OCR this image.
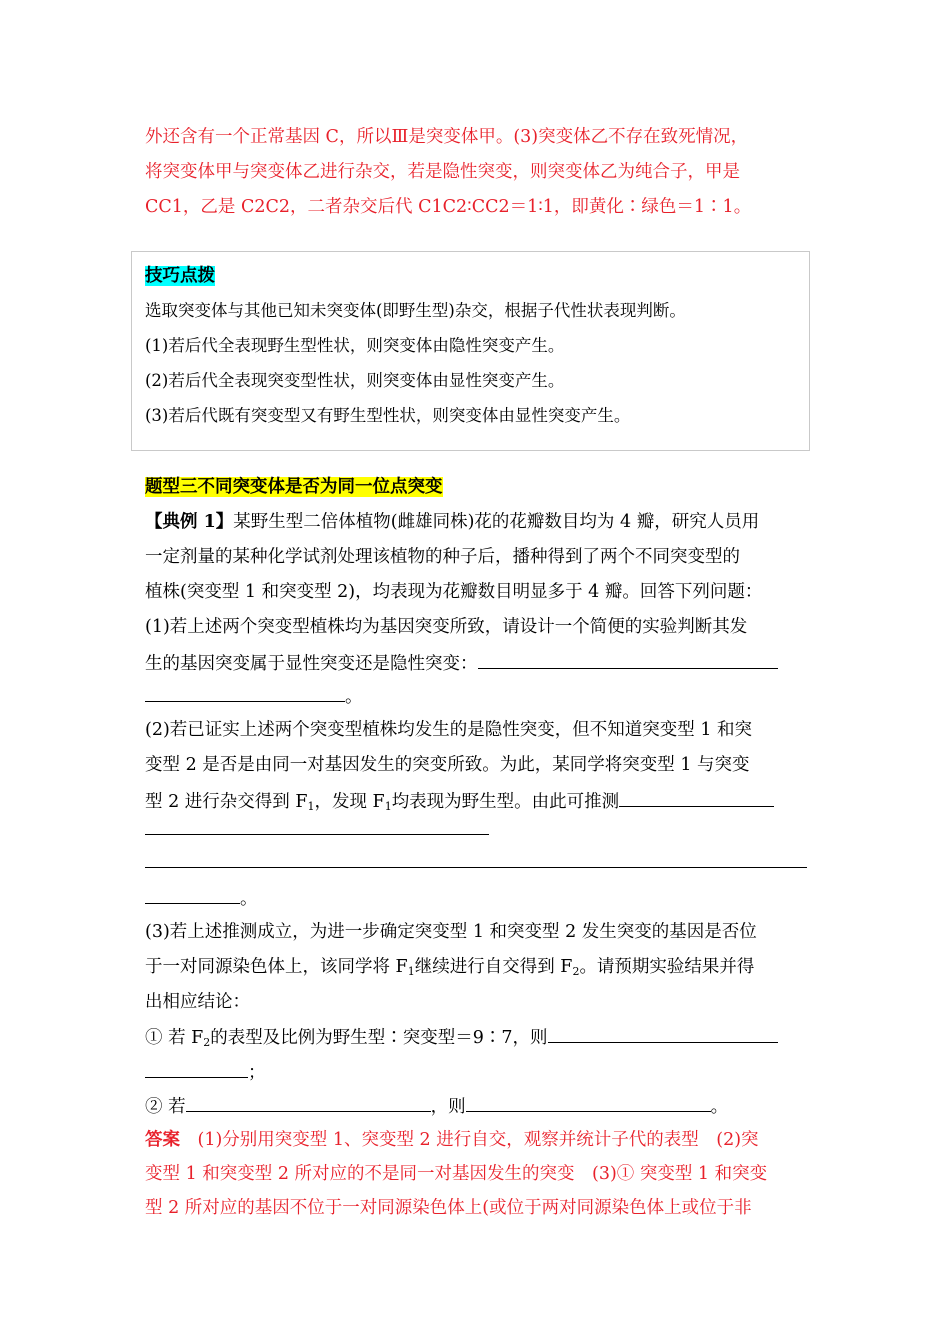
外还含有一个正常基因 C，所以Ⅲ是突变体甲。(3)突变体乙不存在致死情况，
将突变体甲与突变体乙进行杂交，若是隐性突变，则突变体乙为纯合子，甲是
CC1，乙是 C2C2，二者杂交后代 C1C2∶CC2＝1∶1，即黄化∶绿色＝1∶1。
技巧点拨
选取突变体与其他已知未突变体(即野生型)杂交，根据子代性状表现判断。
(1)若后代全表现野生型性状，则突变体由隐性突变产生。
(2)若后代全表现突变型性状，则突变体由显性突变产生。
(3)若后代既有突变型又有野生型性状，则突变体由显性突变产生。
题型三不同突变体是否为同一位点突变
【典例 1】某野生型二倍体植物(雌雄同株)花的花瓣数目均为 4 瓣，研究人员用
一定剂量的某种化学试剂处理该植物的种子后，播种得到了两个不同突变型的
植株(突变型 1 和突变型 2)，均表现为花瓣数目明显多于 4 瓣。回答下列问题：
(1)若上述两个突变型植株均为基因突变所致，请设计一个简便的实验判断其发
生的基因突变属于显性突变还是隐性突变：
。
(2)若已证实上述两个突变型植株均发生的是隐性突变，但不知道突变型 1 和突
变型 2 是否是由同一对基因发生的突变所致。为此，某同学将突变型 1 与突变
型 2 进行杂交得到 $F_1$，发现 $F_1$均表现为野生型。由此可推测
。
(3)若上述推测成立，为进一步确定突变型 1 和突变型 2 发生突变的基因是否位
于一对同源染色体上，该同学将 $F_1$继续进行自交得到 $F_2$。请预期实验结果并得
出相应结论：
① 若 $F_2$的表型及比例为野生型∶突变型＝9∶7，则
；
② 若	，则	。
答案　 (1)分别用突变型 1、突变型 2 进行自交，观察并统计子代的表型　(2)突
变型 1 和突变型 2 所对应的不是同一对基因发生的突变　(3)① 突变型 1 和突变
型 2 所对应的基因不位于一对同源染色体上(或位于两对同源染色体上或位于非
